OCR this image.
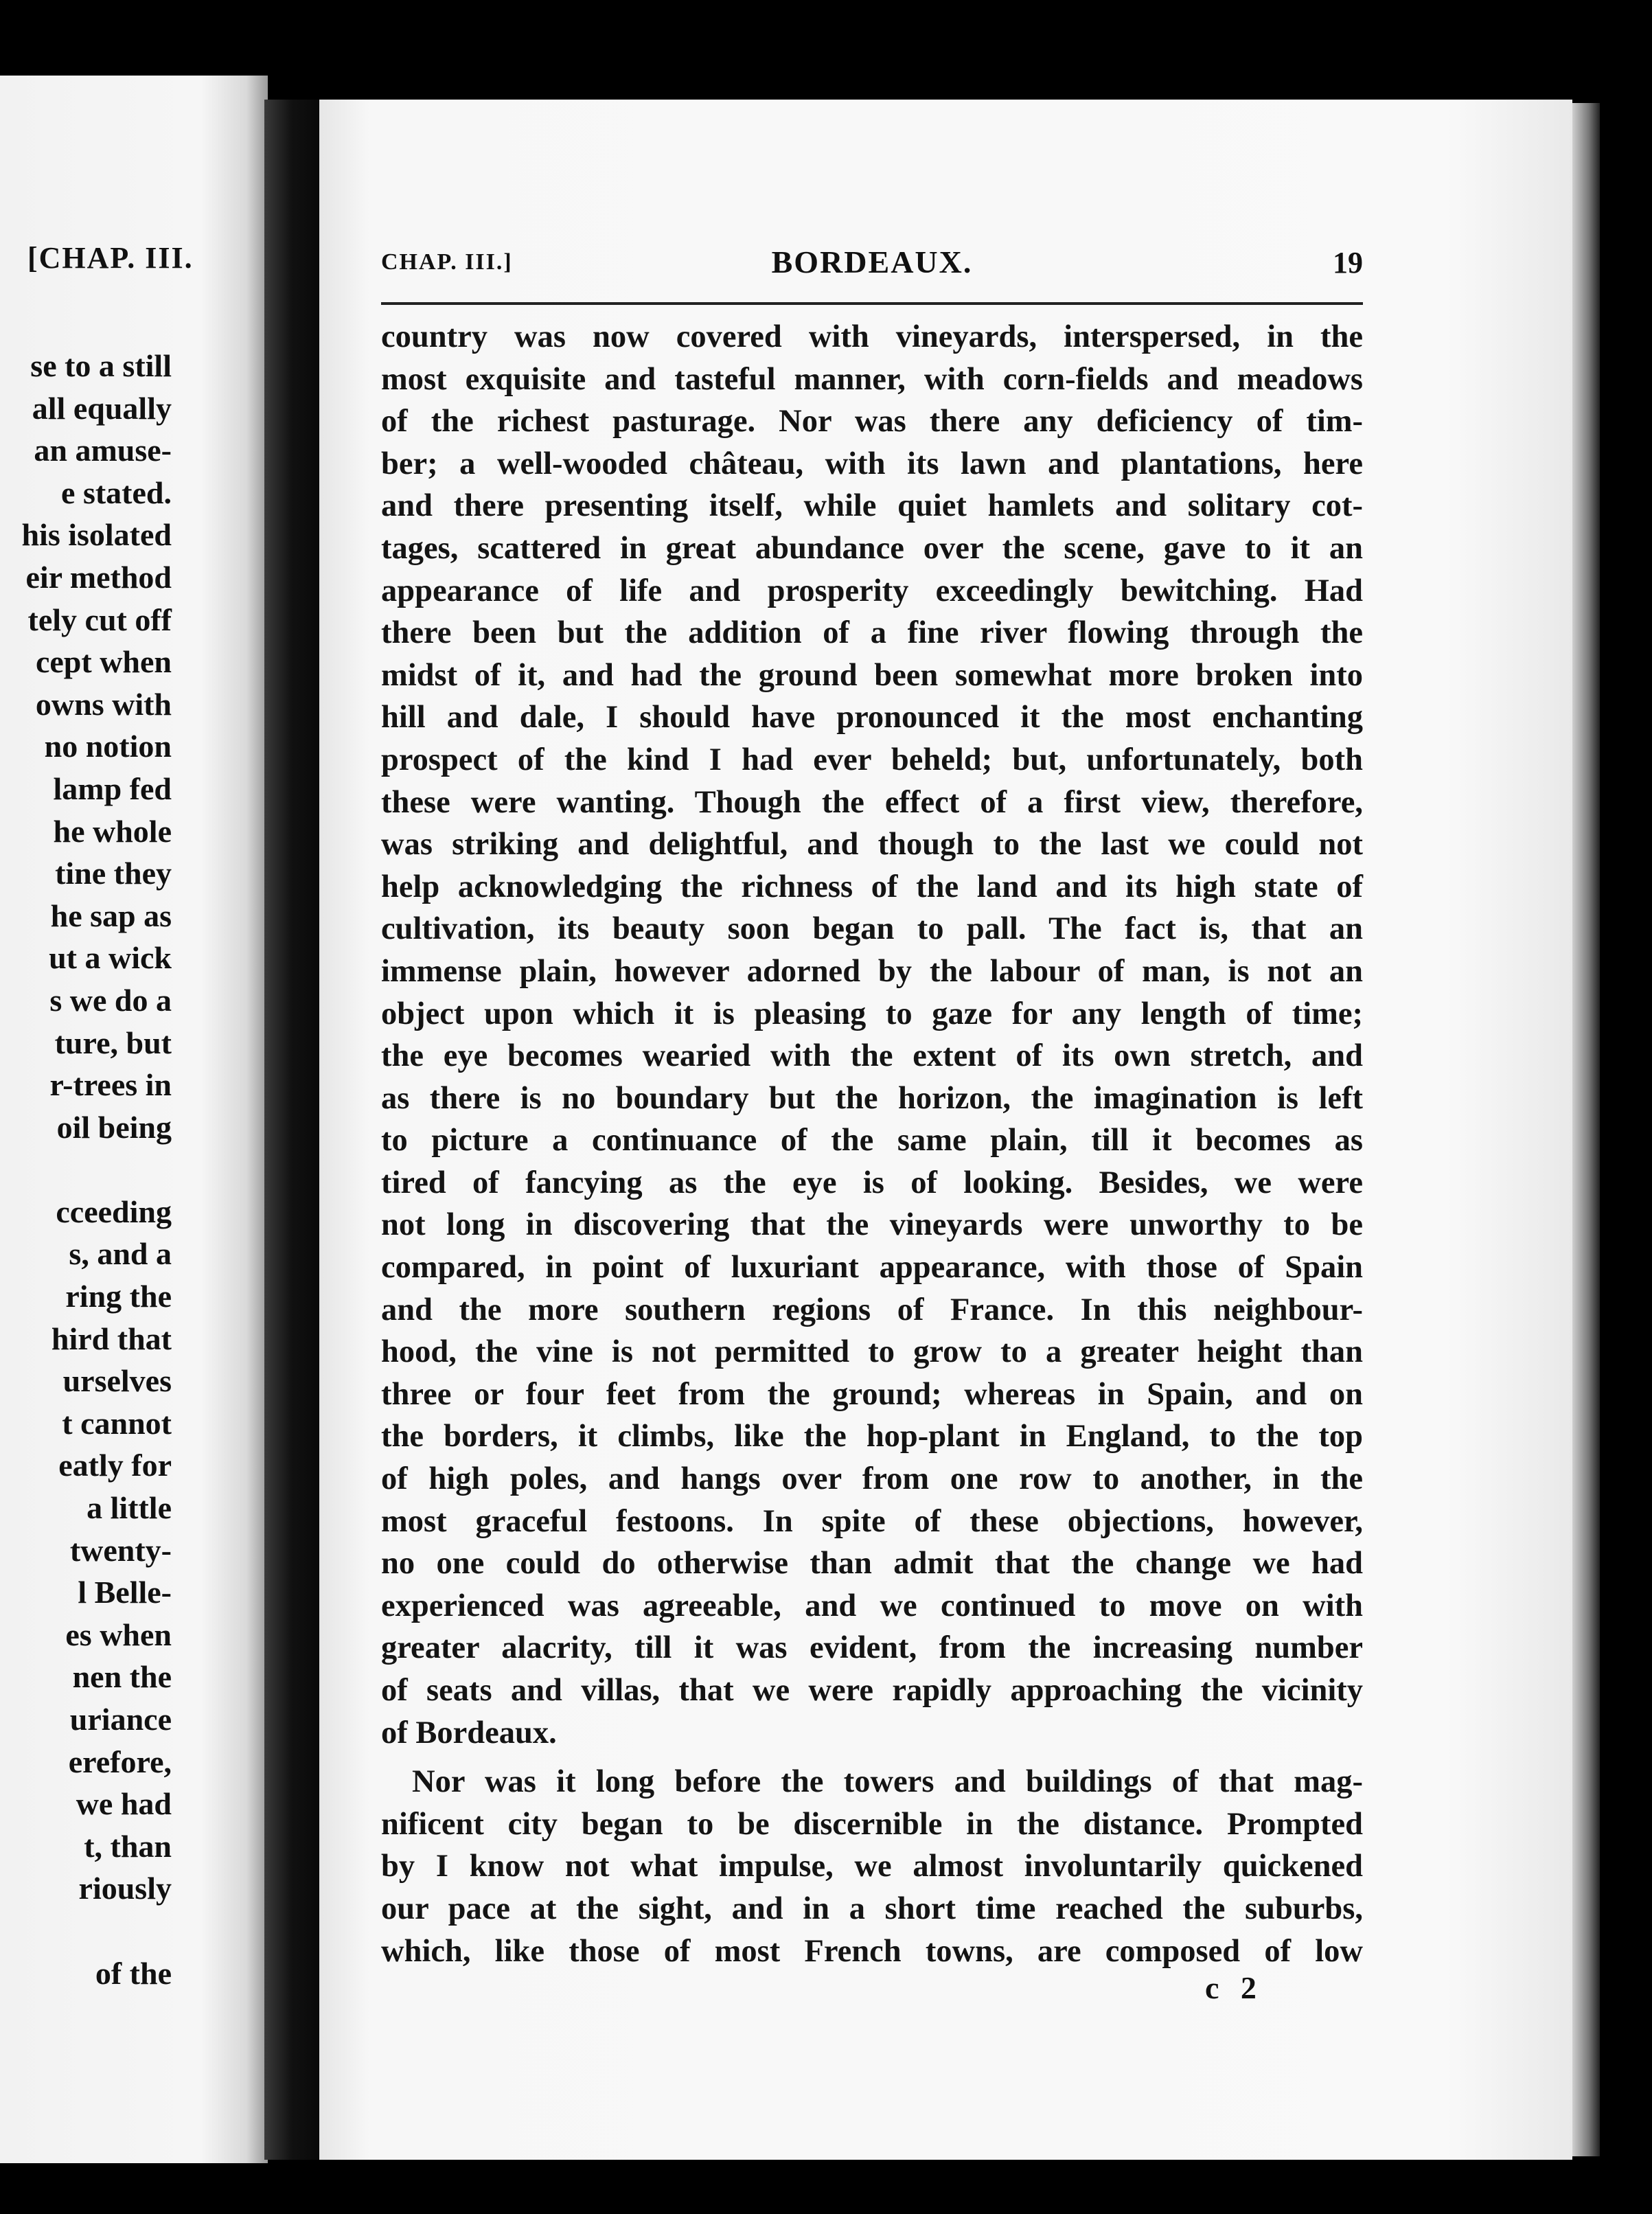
[CHAP. III.
se to a still
all equally
an amuse-
e stated.
his isolated
eir method
tely cut off
cept when
owns with
no notion
lamp fed
he whole
tine they
he sap as
ut a wick
s we do a
ture, but
r-trees in
oil being
cceeding
s, and a
ring the
hird that
urselves
t cannot
eatly for
a little
twenty-
l Belle-
es when
nen the
uriance
erefore,
we had
t, than
riously
of the
CHAP. III.]	BORDEAUX.	19
country was now covered with vineyards, interspersed, in the
most exquisite and tasteful manner, with corn-fields and meadows
of the richest pasturage. Nor was there any deficiency of tim-
ber; a well-wooded château, with its lawn and plantations, here
and there presenting itself, while quiet hamlets and solitary cot-
tages, scattered in great abundance over the scene, gave to it an
appearance of life and prosperity exceedingly bewitching. Had
there been but the addition of a fine river flowing through the
midst of it, and had the ground been somewhat more broken into
hill and dale, I should have pronounced it the most enchanting
prospect of the kind I had ever beheld; but, unfortunately, both
these were wanting. Though the effect of a first view, therefore,
was striking and delightful, and though to the last we could not
help acknowledging the richness of the land and its high state of
cultivation, its beauty soon began to pall. The fact is, that an
immense plain, however adorned by the labour of man, is not an
object upon which it is pleasing to gaze for any length of time;
the eye becomes wearied with the extent of its own stretch, and
as there is no boundary but the horizon, the imagination is left
to picture a continuance of the same plain, till it becomes as
tired of fancying as the eye is of looking. Besides, we were
not long in discovering that the vineyards were unworthy to be
compared, in point of luxuriant appearance, with those of Spain
and the more southern regions of France. In this neighbour-
hood, the vine is not permitted to grow to a greater height than
three or four feet from the ground; whereas in Spain, and on
the borders, it climbs, like the hop-plant in England, to the top
of high poles, and hangs over from one row to another, in the
most graceful festoons. In spite of these objections, however,
no one could do otherwise than admit that the change we had
experienced was agreeable, and we continued to move on with
greater alacrity, till it was evident, from the increasing number
of seats and villas, that we were rapidly approaching the vicinity
of Bordeaux.
Nor was it long before the towers and buildings of that mag-
nificent city began to be discernible in the distance. Prompted
by I know not what impulse, we almost involuntarily quickened
our pace at the sight, and in a short time reached the suburbs,
which, like those of most French towns, are composed of low
c 2
